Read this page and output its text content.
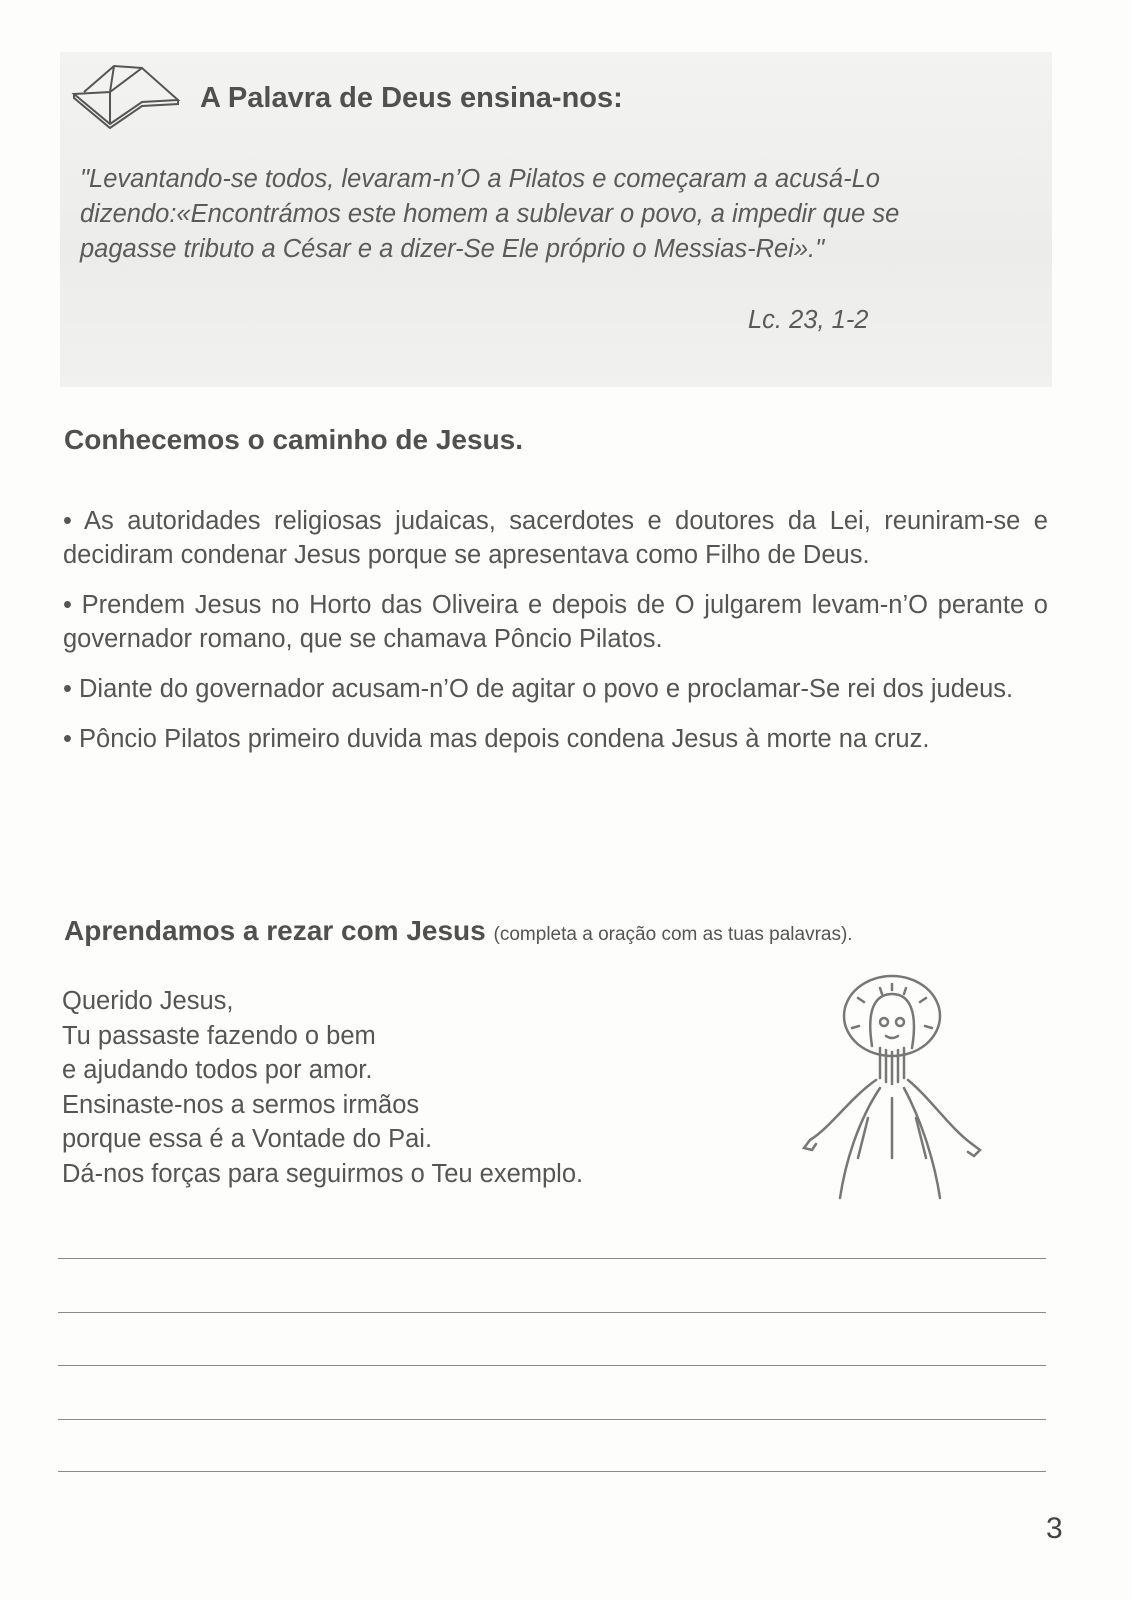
A Palavra de Deus ensina-nos:
"Levantando-se todos, levaram-n’O a Pilatos e começaram a acusá-Lo
dizendo:«Encontrámos este homem a sublevar o povo, a impedir que se
pagasse tributo a César e a dizer-Se Ele próprio o Messias-Rei»."
Lc. 23, 1-2
Conhecemos o caminho de Jesus.

• As autoridades religiosas judaicas, sacerdotes e doutores da Lei, reuniram-se e decidiram condenar Jesus porque se apresentava como Filho de Deus.

• Prendem Jesus no Horto das Oliveira e depois de O julgarem levam-n’O perante o governador romano, que se chamava Pôncio Pilatos.

• Diante do governador acusam-n’O de agitar o povo e proclamar-Se rei dos judeus.

• Pôncio Pilatos primeiro duvida mas depois condena Jesus à morte na cruz.

Aprendamos a rezar com Jesus (completa a oração com as tuas palavras).
Querido Jesus,
Tu passaste fazendo o bem
e ajudando todos por amor.
Ensinaste-nos a sermos irmãos
porque essa é a Vontade do Pai.
Dá-nos forças para seguirmos o Teu exemplo.
3
